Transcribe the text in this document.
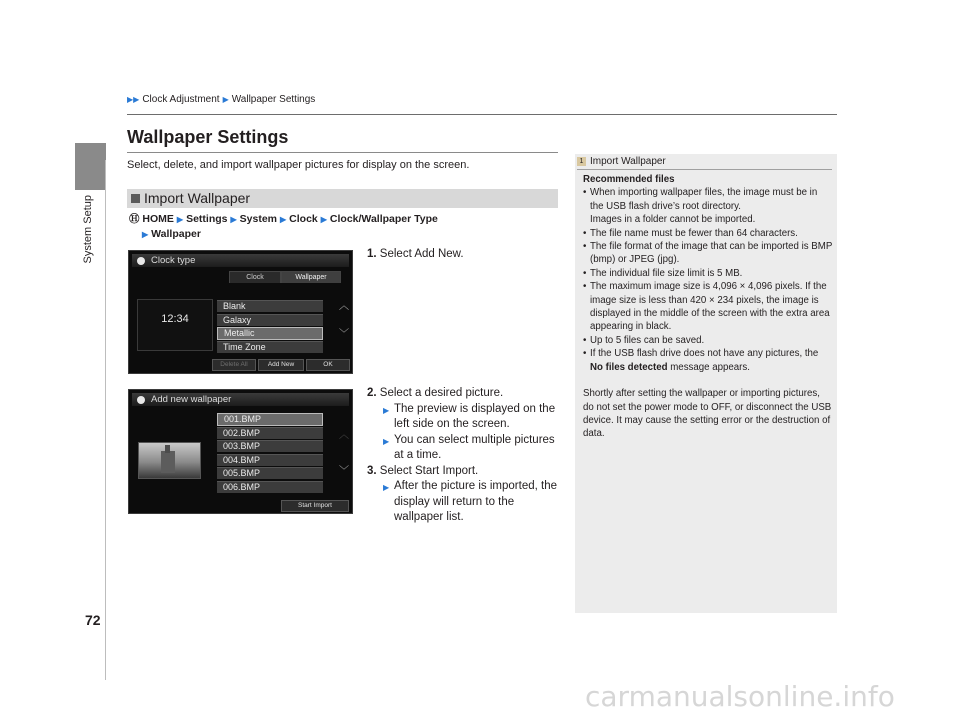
System Setup
72
▶▶ Clock Adjustment ▶ Wallpaper Settings
Wallpaper Settings
Select, delete, and import wallpaper pictures for display on the screen.
Import Wallpaper
Ⓗ HOME ▶ Settings ▶ System ▶ Clock ▶ Clock/Wallpaper Type
▶ Wallpaper
Clock type
Clock	Wallpaper
12:34
Blank
Galaxy
Metallic
Time Zone
︿
﹀
Delete All	Add New	OK
Add new wallpaper
001.BMP
002.BMP
003.BMP
004.BMP
005.BMP
006.BMP
︿
﹀
Start Import
1. Select Add New.
2. Select a desired picture.
▶ The preview is displayed on the left side on the screen.
▶ You can select multiple pictures at a time.
3. Select Start Import.
▶ After the picture is imported, the display will return to the wallpaper list.
1 Import Wallpaper
Recommended files
• When importing wallpaper files, the image must be in the USB flash drive’s root directory.
Images in a folder cannot be imported.
• The file name must be fewer than 64 characters.
• The file format of the image that can be imported is BMP (bmp) or JPEG (jpg).
• The individual file size limit is 5 MB.
• The maximum image size is 4,096 × 4,096 pixels. If the image size is less than 420 × 234 pixels, the image is displayed in the middle of the screen with the extra area appearing in black.
• Up to 5 files can be saved.
• If the USB flash drive does not have any pictures, the No files detected message appears.
Shortly after setting the wallpaper or importing pictures, do not set the power mode to OFF, or disconnect the USB device. It may cause the setting error or the destruction of data.
carmanualsonline.info
